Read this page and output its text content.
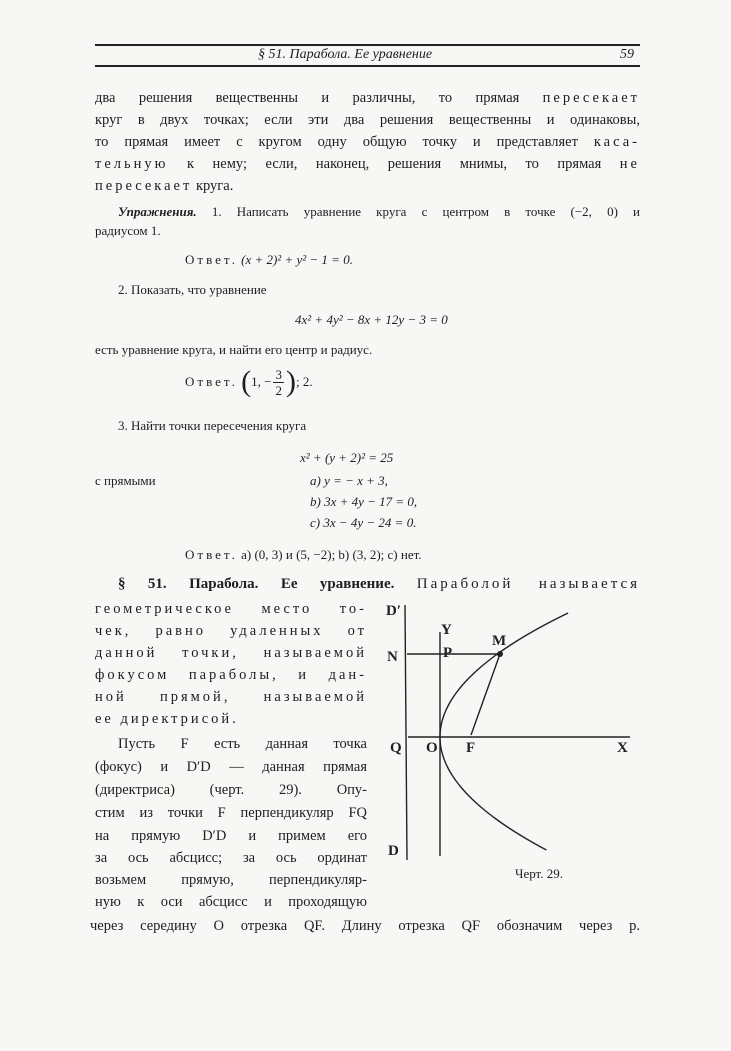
§ 51. Парабола. Ее уравнение	59
два решения вещественны и различны, то прямая пересекает
круг в двух точках; если эти два решения вещественны и одинаковы,
то прямая имеет с кругом одну общую точку и представляет каса-
тельную к нему; если, наконец, решения мнимы, то прямая не
пересекает круга.
Упражнения. 1. Написать уравнение круга с центром в точке (−2, 0) и
радиусом 1.
Ответ. (x + 2)² + y² − 1 = 0.
2. Показать, что уравнение
4x² + 4y² − 8x + 12y − 3 = 0
есть уравнение круга, и найти его центр и радиус.
Ответ.
( 1, − $\frac{3}{2}$ ) ; 2.
3. Найти точки пересечения круга
x² + (y + 2)² = 25
с прямыми	a) y = − x + 3,
b) 3x + 4y − 17 = 0,
c) 3x − 4y − 24 = 0.
Ответ. a) (0, 3) и (5, −2); b) (3, 2); c) нет.
§ 51. Парабола. Ее уравнение. Параболой называется
геометрическое место то-
чек, равно удаленных от
данной точки, называемой
фокусом параболы, и дан-
ной прямой, называемой
ее директрисой.
Пусть F есть данная точка
(фокус) и D′D — данная прямая
(директриса) (черт. 29). Опу-
стим из точки F перпендикуляр FQ
на прямую D′D и примем его
за ось абсцисс; за ось ординат
возьмем прямую, перпендикуляр-
ную к оси абсцисс и проходящую
через середину O отрезка QF. Длину отрезка QF обозначим через p.
D′
D
Y
X
N	P
M
Q O F
Черт. 29.
